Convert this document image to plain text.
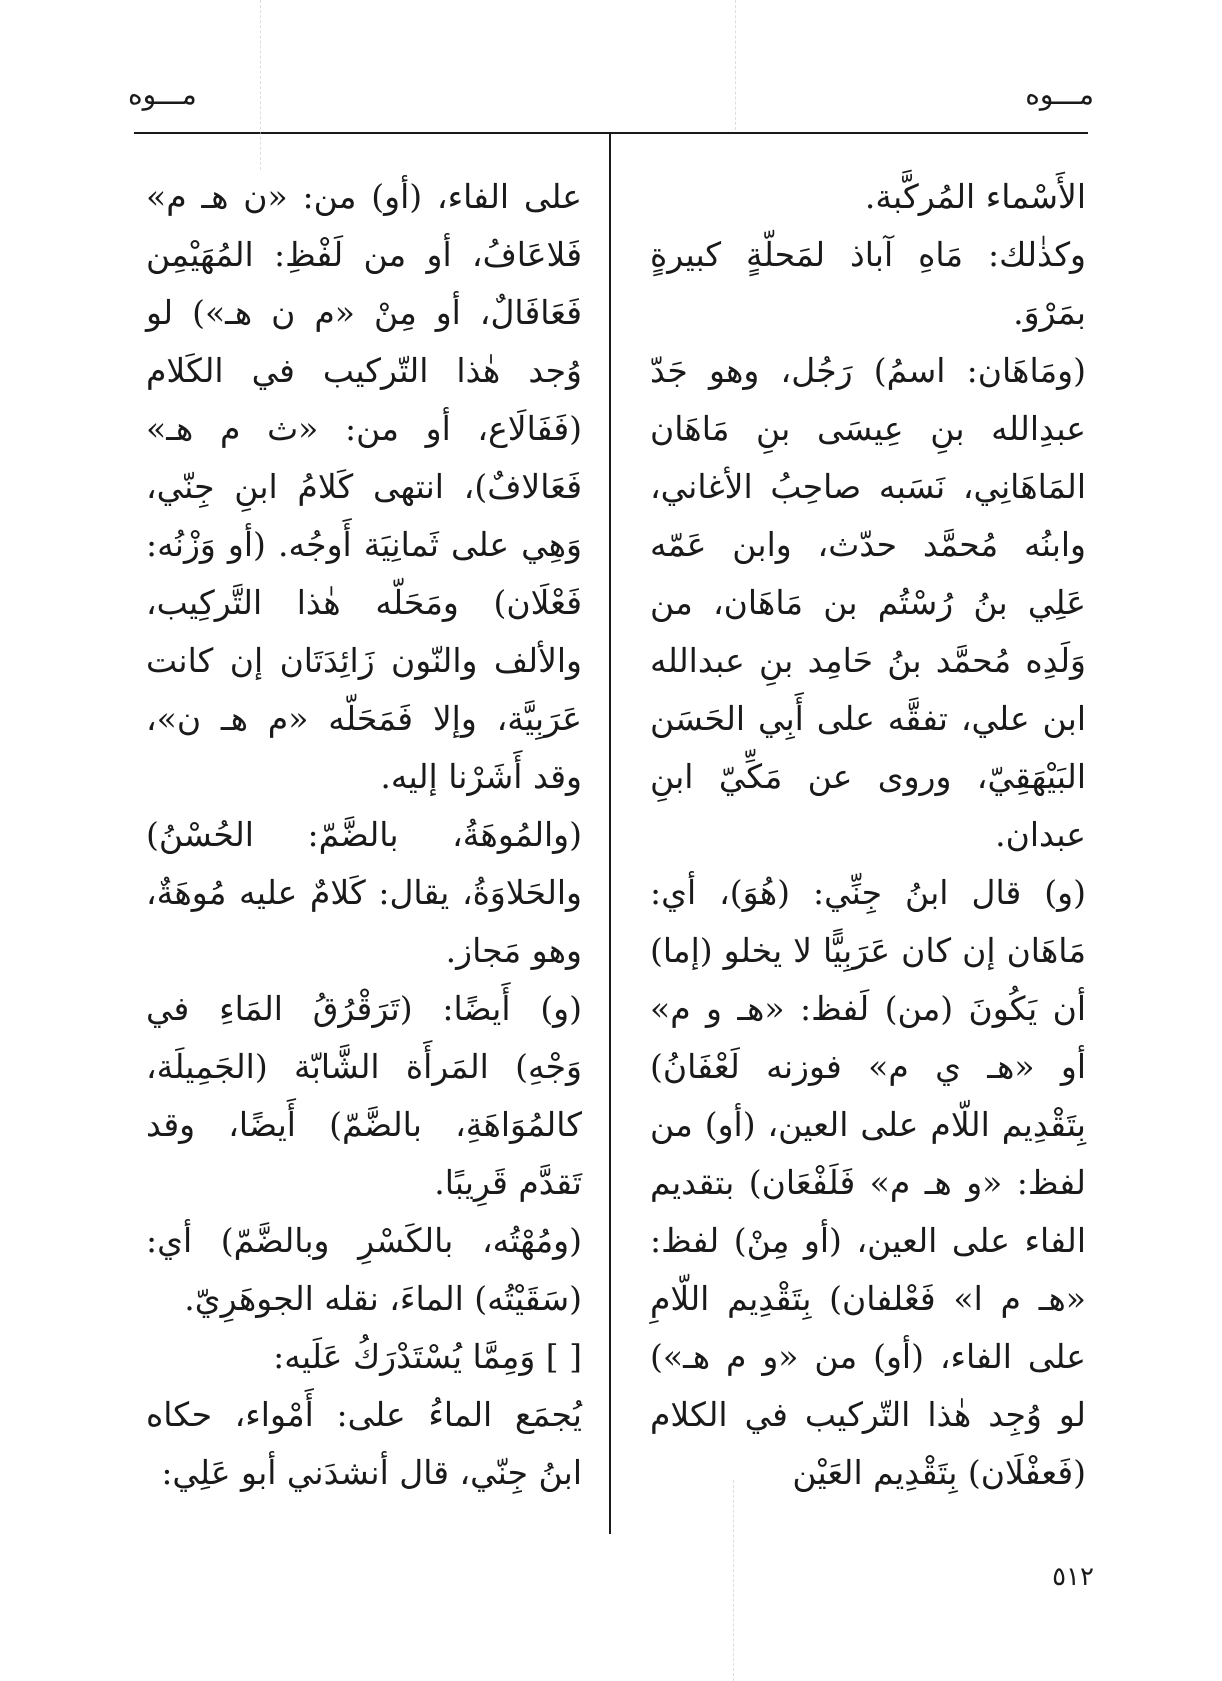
مـــوه
مـــوه

الأَسْماء المُركَّبة.

وكذٰلك: مَاهِ آباذ لمَحلّةٍ كبيرةٍ بمَرْوَ.

(ومَاهَان: اسمُ) رَجُل، وهو جَدّ عبدِالله بنِ عِيسَى بنِ مَاهَان المَاهَانِي، نَسَبه صاحِبُ الأغاني، وابنُه مُحمَّد حدّث، وابن عَمّه عَلِي بنُ رُسْتُم بن مَاهَان، من وَلَدِه مُحمَّد بنُ حَامِد بنِ عبدالله ابن علي، تفقَّه على أَبِي الحَسَن البَيْهَقِيّ، وروى عن مَكِّيّ ابنِ عبدان.

(و) قال ابنُ جِنِّي: (هُوَ)، أي: مَاهَان إن كان عَرَبِيًّا لا يخلو (إما) أن يَكُونَ (من) لَفظ: «هـ و م» أو «هـ ي م» فوزنه لَعْفَانُ) بِتَقْدِيم اللّام على العين، (أو) من لفظ: «و هـ م» فَلَفْعَان) بتقديم الفاء على العين، (أو مِنْ) لفظ: «هـ م ا» فَعْلفان) بِتَقْدِيم اللّامِ على الفاء، (أو) من «و م هـ») لو وُجِد هٰذا التّركيب في الكلام (فَعفْلَان) بِتَقْدِيم العَيْن

على الفاء، (أو) من: «ن هـ م» فَلاعَافُ، أو من لَفْظِ: المُهَيْمِن فَعَافَالٌ، أو مِنْ «م ن هـ») لو وُجد هٰذا التّركيب في الكَلام (فَفَالَاع، أو من: «ث م هـ» فَعَالافٌ)، انتهى كَلامُ ابنِ جِنّي، وَهِي على ثَمانِيَة أَوجُه. (أو وَزْنُه: فَعْلَان) ومَحَلّه هٰذا التَّركِيب، والألف والنّون زَائِدَتَان إن كانت عَرَبِيَّة، وإلا فَمَحَلّه «م هـ ن»، وقد أَشَرْنا إليه.

(والمُوهَةُ، بالضَّمّ: الحُسْنُ) والحَلاوَةُ، يقال: كَلامٌ عليه مُوهَةٌ، وهو مَجاز.

(و) أَيضًا: (تَرَقْرُقُ المَاءِ في وَجْهِ) المَرأَة الشَّابّة (الجَمِيلَة، كالمُوَاهَةِ، بالضَّمّ) أَيضًا، وقد تَقدَّم قَرِيبًا.

(ومُهْتُه، بالكَسْرِ وبالضَّمّ) أي: (سَقَيْتُه) الماءَ، نقله الجوهَرِيّ.

[ ] وَمِمَّا يُسْتَدْرَكُ عَلَيه:

يُجمَع الماءُ على: أَمْواء، حكاه ابنُ جِنّي، قال أنشدَني أبو عَلِي:

٥١٢
